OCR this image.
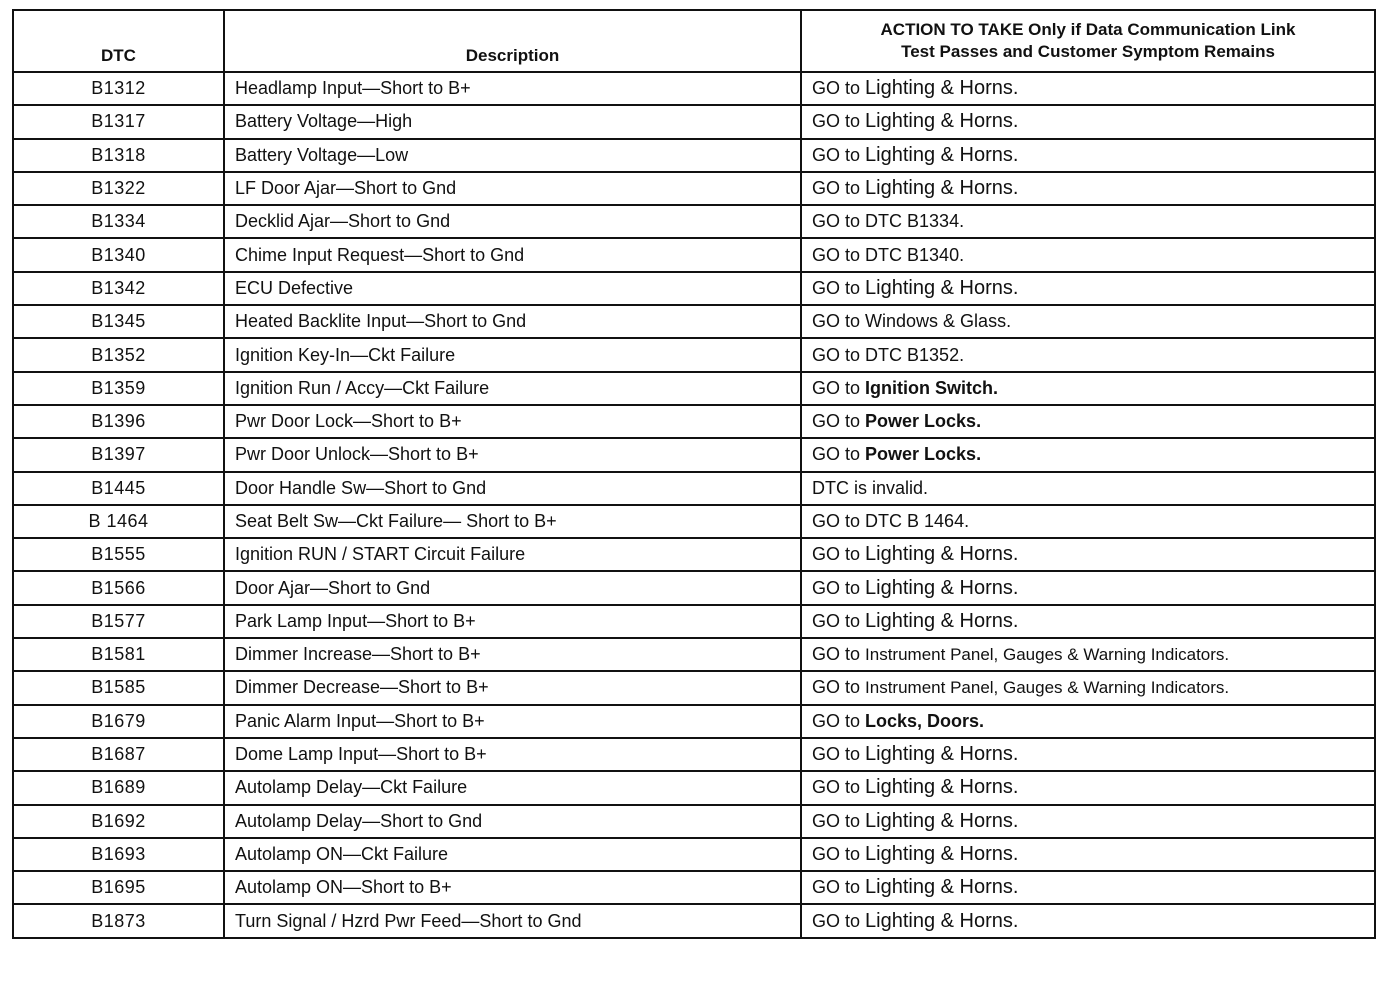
DTC	Description	ACTION TO TAKE Only if Data Communication Link
Test Passes and Customer Symptom Remains

B1312	Headlamp Input—Short to B+	GO to Lighting & Horns.
B1317	Battery Voltage—High	GO to Lighting & Horns.
B1318	Battery Voltage—Low	GO to Lighting & Horns.
B1322	LF Door Ajar—Short to Gnd	GO to Lighting & Horns.
B1334	Decklid Ajar—Short to Gnd	GO to DTC B1334.
B1340	Chime Input Request—Short to Gnd	GO to DTC B1340.
B1342	ECU Defective	GO to Lighting & Horns.
B1345	Heated Backlite Input—Short to Gnd	GO to Windows & Glass.
B1352	Ignition Key-In—Ckt Failure	GO to DTC B1352.
B1359	Ignition Run / Accy—Ckt Failure	GO to Ignition Switch.
B1396	Pwr Door Lock—Short to B+	GO to Power Locks.
B1397	Pwr Door Unlock—Short to B+	GO to Power Locks.
B1445	Door Handle Sw—Short to Gnd	DTC is invalid.
B 1464	Seat Belt Sw—Ckt Failure— Short to B+	GO to DTC B 1464.
B1555	Ignition RUN / START Circuit Failure	GO to Lighting & Horns.
B1566	Door Ajar—Short to Gnd	GO to Lighting & Horns.
B1577	Park Lamp Input—Short to B+	GO to Lighting & Horns.
B1581	Dimmer Increase—Short to B+	GO to Instrument Panel, Gauges & Warning Indicators.
B1585	Dimmer Decrease—Short to B+	GO to Instrument Panel, Gauges & Warning Indicators.
B1679	Panic Alarm Input—Short to B+	GO to Locks, Doors.
B1687	Dome Lamp Input—Short to B+	GO to Lighting & Horns.
B1689	Autolamp Delay—Ckt Failure	GO to Lighting & Horns.
B1692	Autolamp Delay—Short to Gnd	GO to Lighting & Horns.
B1693	Autolamp ON—Ckt Failure	GO to Lighting & Horns.
B1695	Autolamp ON—Short to B+	GO to Lighting & Horns.
B1873	Turn Signal / Hzrd Pwr Feed—Short to Gnd	GO to Lighting & Horns.
